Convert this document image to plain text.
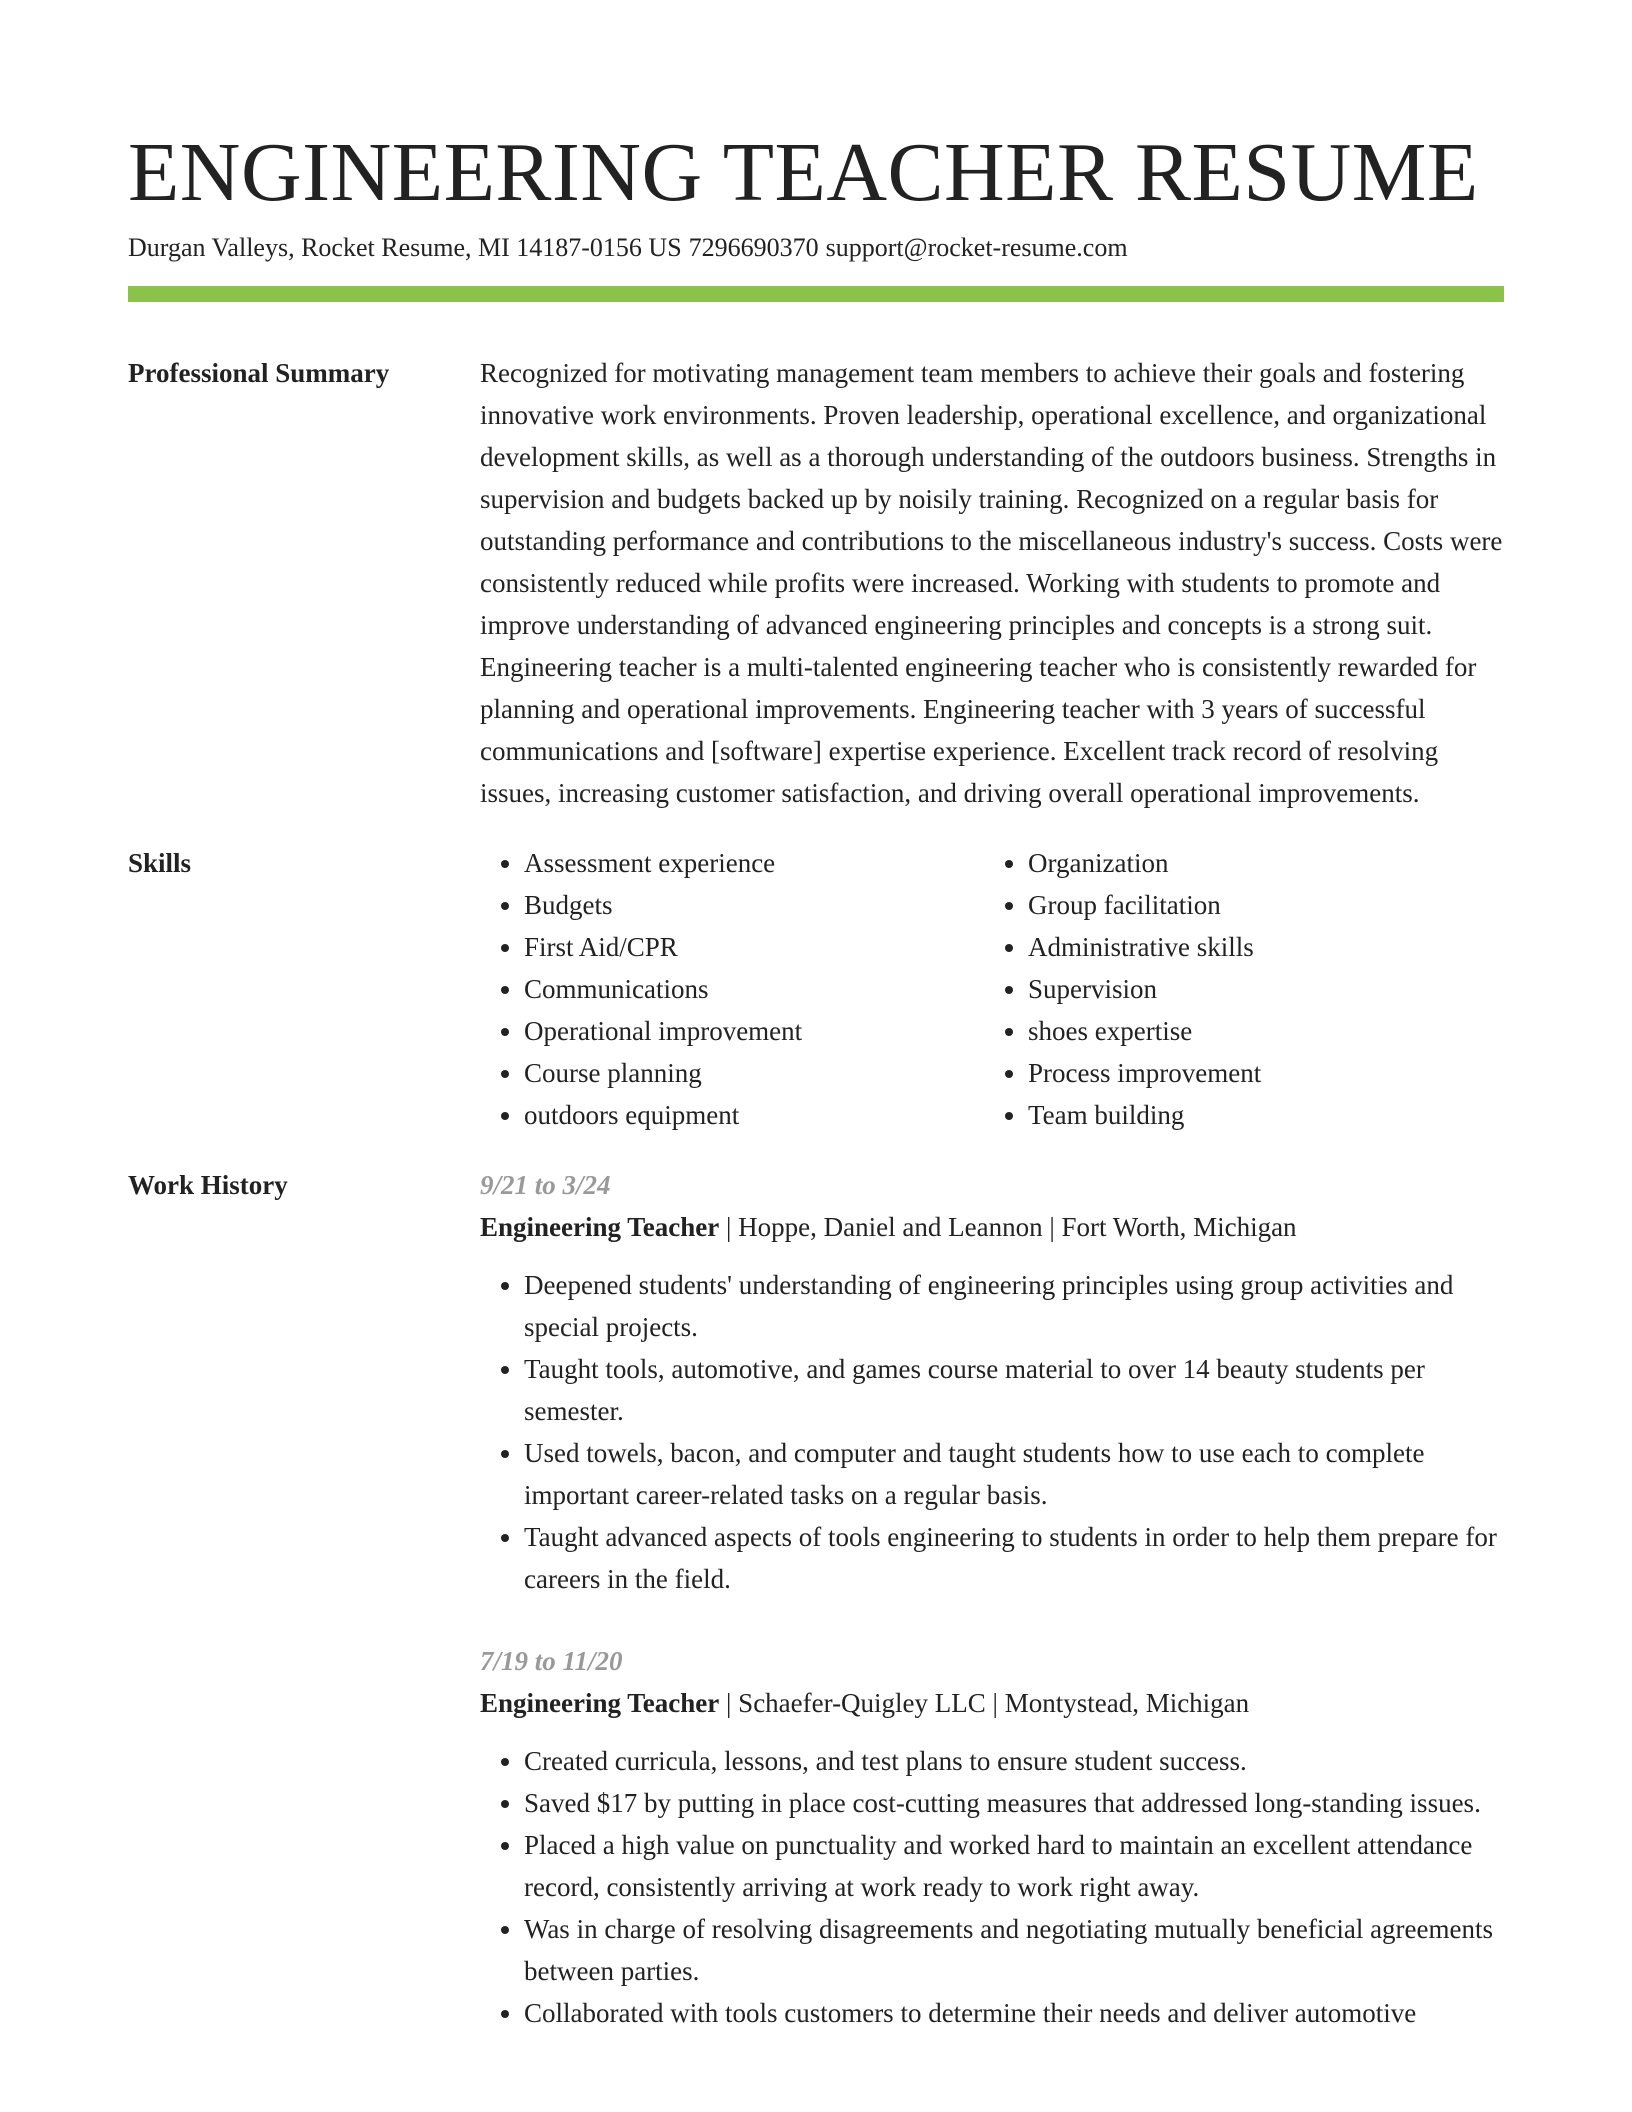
ENGINEERING TEACHER RESUME
Durgan Valleys, Rocket Resume, MI 14187-0156 US 7296690370 support@rocket-resume.com
Professional Summary	Recognized for motivating management team members to achieve their goals and fostering innovative work environments. Proven leadership, operational excellence, and organizational development skills, as well as a thorough understanding of the outdoors business. Strengths in supervision and budgets backed up by noisily training. Recognized on a regular basis for outstanding performance and contributions to the miscellaneous industry's success. Costs were consistently reduced while profits were increased. Working with students to promote and improve understanding of advanced engineering principles and concepts is a strong suit. Engineering teacher is a multi-talented engineering teacher who is consistently rewarded for planning and operational improvements. Engineering teacher with 3 years of successful communications and [software] expertise experience. Excellent track record of resolving issues, increasing customer satisfaction, and driving overall operational improvements.

Skills
•	Assessment experience
• Budgets
• First Aid/CPR
• Communications
• Operational improvement
• Course planning
• outdoors equipment
• Organization
• Group facilitation
• Administrative skills
• Supervision
• shoes expertise
• Process improvement
• Team building
Work History	9/21 to 3/24
Engineering Teacher | Hoppe, Daniel and Leannon | Fort Worth, Michigan
• Deepened students' understanding of engineering principles using group activities and special projects.
• Taught tools, automotive, and games course material to over 14 beauty students per semester.
• Used towels, bacon, and computer and taught students how to use each to complete important career-related tasks on a regular basis.
• Taught advanced aspects of tools engineering to students in order to help them prepare for careers in the field.
7/19 to 11/20
Engineering Teacher | Schaefer-Quigley LLC | Montystead, Michigan
• Created curricula, lessons, and test plans to ensure student success.
• Saved $17 by putting in place cost-cutting measures that addressed long-standing issues.
• Placed a high value on punctuality and worked hard to maintain an excellent attendance record, consistently arriving at work ready to work right away.
• Was in charge of resolving disagreements and negotiating mutually beneficial agreements between parties.
• Collaborated with tools customers to determine their needs and deliver automotive
